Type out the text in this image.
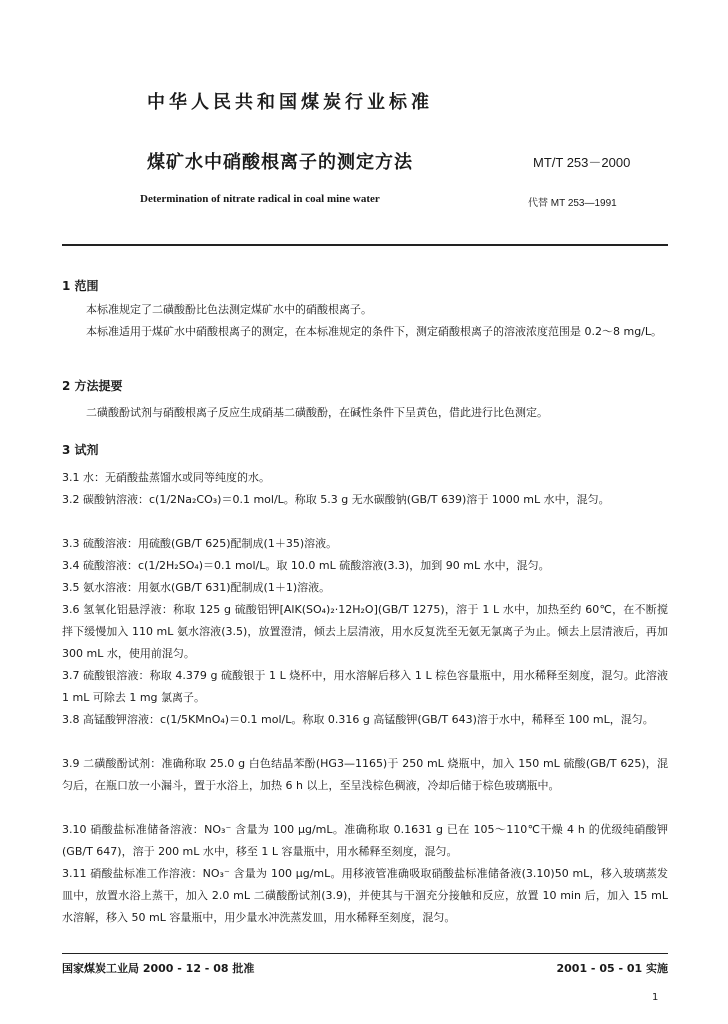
中华人民共和国煤炭行业标准
煤矿水中硝酸根离子的测定方法	MT/T 253－2000
Determination of nitrate radical in coal mine water	代替 MT 253—1991
1 范围
本标准规定了二磺酸酚比色法测定煤矿水中的硝酸根离子。
本标准适用于煤矿水中硝酸根离子的测定，在本标准规定的条件下，测定硝酸根离子的溶液浓度范围是 0.2～8 mg/L。
2 方法提要
二磺酸酚试剂与硝酸根离子反应生成硝基二磺酸酚，在碱性条件下呈黄色，借此进行比色测定。
3 试剂
3.1 水：无硝酸盐蒸馏水或同等纯度的水。
3.2 碳酸钠溶液：c(1/2Na₂CO₃)＝0.1 mol/L。称取 5.3 g 无水碳酸钠(GB/T 639)溶于 1000 mL 水中，混匀。
3.3 硫酸溶液：用硫酸(GB/T 625)配制成(1＋35)溶液。
3.4 硫酸溶液：c(1/2H₂SO₄)＝0.1 mol/L。取 10.0 mL 硫酸溶液(3.3)，加到 90 mL 水中，混匀。
3.5 氨水溶液：用氨水(GB/T 631)配制成(1＋1)溶液。
3.6 氢氧化铝悬浮液：称取 125 g 硫酸铝钾[AlK(SO₄)₂·12H₂O](GB/T 1275)，溶于 1 L 水中，加热至约 60℃，在不断搅拌下缓慢加入 110 mL 氨水溶液(3.5)，放置澄清，倾去上层清液，用水反复洗至无氨无氯离子为止。倾去上层清液后，再加 300 mL 水，使用前混匀。
3.7 硫酸银溶液：称取 4.379 g 硫酸银于 1 L 烧杯中，用水溶解后移入 1 L 棕色容量瓶中，用水稀释至刻度，混匀。此溶液 1 mL 可除去 1 mg 氯离子。
3.8 高锰酸钾溶液：c(1/5KMnO₄)＝0.1 mol/L。称取 0.316 g 高锰酸钾(GB/T 643)溶于水中，稀释至 100 mL，混匀。
3.9 二磺酸酚试剂：准确称取 25.0 g 白色结晶苯酚(HG3—1165)于 250 mL 烧瓶中，加入 150 mL 硫酸(GB/T 625)，混匀后，在瓶口放一小漏斗，置于水浴上，加热 6 h 以上，至呈浅棕色稠液，冷却后储于棕色玻璃瓶中。
3.10 硝酸盐标准储备溶液：NO₃⁻ 含量为 100 μg/mL。准确称取 0.1631 g 已在 105～110℃干燥 4 h 的优级纯硝酸钾(GB/T 647)，溶于 200 mL 水中，移至 1 L 容量瓶中，用水稀释至刻度，混匀。
3.11 硝酸盐标准工作溶液：NO₃⁻ 含量为 100 μg/mL。用移液管准确吸取硝酸盐标准储备液(3.10)50 mL，移入玻璃蒸发皿中，放置水浴上蒸干，加入 2.0 mL 二磺酸酚试剂(3.9)，并使其与干涸充分接触和反应，放置 10 min 后，加入 15 mL 水溶解，移入 50 mL 容量瓶中，用少量水冲洗蒸发皿，用水稀释至刻度，混匀。
国家煤炭工业局 2000 - 12 - 08 批准	2001 - 05 - 01 实施
1
